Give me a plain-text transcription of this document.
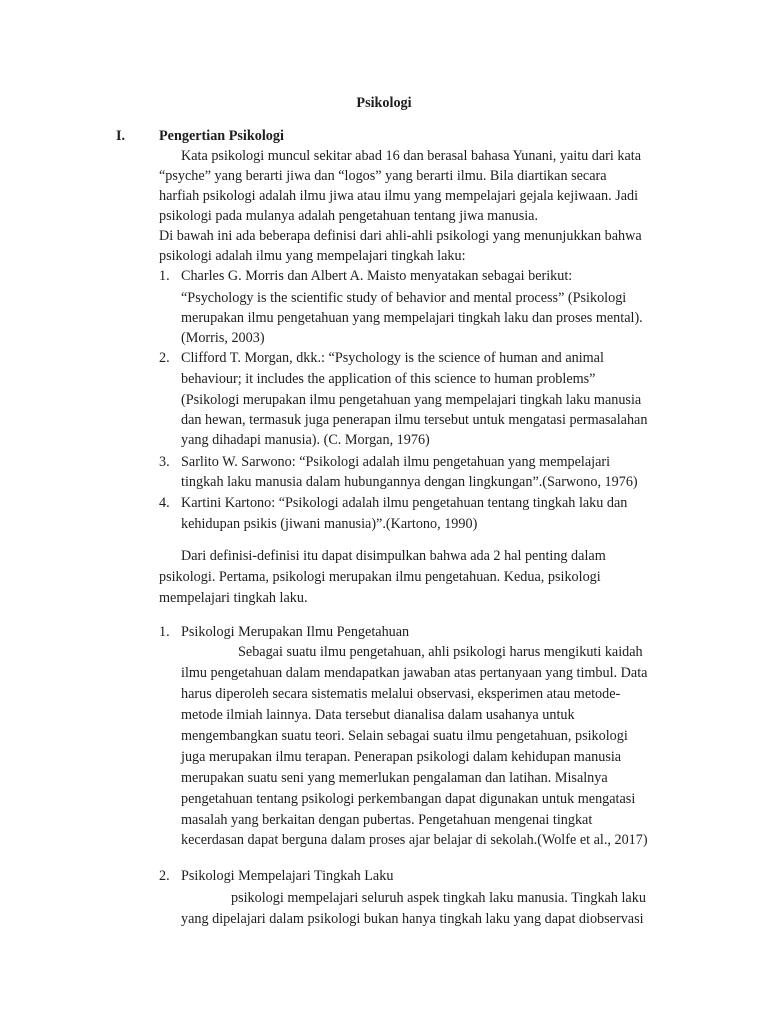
Psikologi
I. Pengertian Psikologi
Kata psikologi muncul sekitar abad 16 dan berasal bahasa Yunani, yaitu dari kata
“psyche” yang berarti jiwa dan “logos” yang berarti ilmu. Bila diartikan secara
harfiah psikologi adalah ilmu jiwa atau ilmu yang mempelajari gejala kejiwaan. Jadi
psikologi pada mulanya adalah pengetahuan tentang jiwa manusia.
Di bawah ini ada beberapa definisi dari ahli-ahli psikologi yang menunjukkan bahwa
psikologi adalah ilmu yang mempelajari tingkah laku:
1. Charles G. Morris dan Albert A. Maisto menyatakan sebagai berikut:
“Psychology is the scientific study of behavior and mental process” (Psikologi
merupakan ilmu pengetahuan yang mempelajari tingkah laku dan proses mental).
(Morris, 2003)
2. Clifford T. Morgan, dkk.: “Psychology is the science of human and animal
behaviour; it includes the application of this science to human problems”
(Psikologi merupakan ilmu pengetahuan yang mempelajari tingkah laku manusia
dan hewan, termasuk juga penerapan ilmu tersebut untuk mengatasi permasalahan
yang dihadapi manusia). (C. Morgan, 1976)
3. Sarlito W. Sarwono: “Psikologi adalah ilmu pengetahuan yang mempelajari
tingkah laku manusia dalam hubungannya dengan lingkungan”.(Sarwono, 1976)
4. Kartini Kartono: “Psikologi adalah ilmu pengetahuan tentang tingkah laku dan
kehidupan psikis (jiwani manusia)”.(Kartono, 1990)
Dari definisi-definisi itu dapat disimpulkan bahwa ada 2 hal penting dalam
psikologi. Pertama, psikologi merupakan ilmu pengetahuan. Kedua, psikologi
mempelajari tingkah laku.
1. Psikologi Merupakan Ilmu Pengetahuan
Sebagai suatu ilmu pengetahuan, ahli psikologi harus mengikuti kaidah
ilmu pengetahuan dalam mendapatkan jawaban atas pertanyaan yang timbul. Data
harus diperoleh secara sistematis melalui observasi, eksperimen atau metode-
metode ilmiah lainnya. Data tersebut dianalisa dalam usahanya untuk
mengembangkan suatu teori. Selain sebagai suatu ilmu pengetahuan, psikologi
juga merupakan ilmu terapan. Penerapan psikologi dalam kehidupan manusia
merupakan suatu seni yang memerlukan pengalaman dan latihan. Misalnya
pengetahuan tentang psikologi perkembangan dapat digunakan untuk mengatasi
masalah yang berkaitan dengan pubertas. Pengetahuan mengenai tingkat
kecerdasan dapat berguna dalam proses ajar belajar di sekolah.(Wolfe et al., 2017)
2. Psikologi Mempelajari Tingkah Laku
psikologi mempelajari seluruh aspek tingkah laku manusia. Tingkah laku
yang dipelajari dalam psikologi bukan hanya tingkah laku yang dapat diobservasi
